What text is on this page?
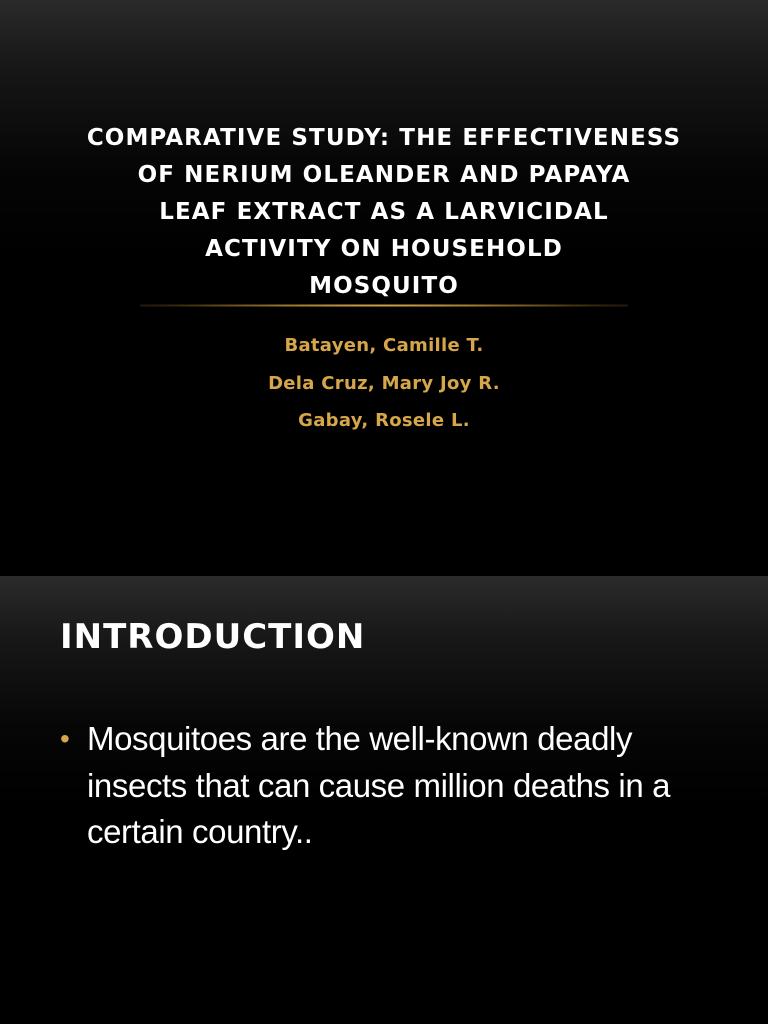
COMPARATIVE STUDY: THE EFFECTIVENESS
OF NERIUM OLEANDER AND PAPAYA
LEAF EXTRACT AS A LARVICIDAL
ACTIVITY ON HOUSEHOLD
MOSQUITO
Batayen, Camille T.
Dela Cruz, Mary Joy R.
Gabay, Rosele L.
INTRODUCTION
• Mosquitoes are the well-known deadly insects that can cause million deaths in a certain country..
